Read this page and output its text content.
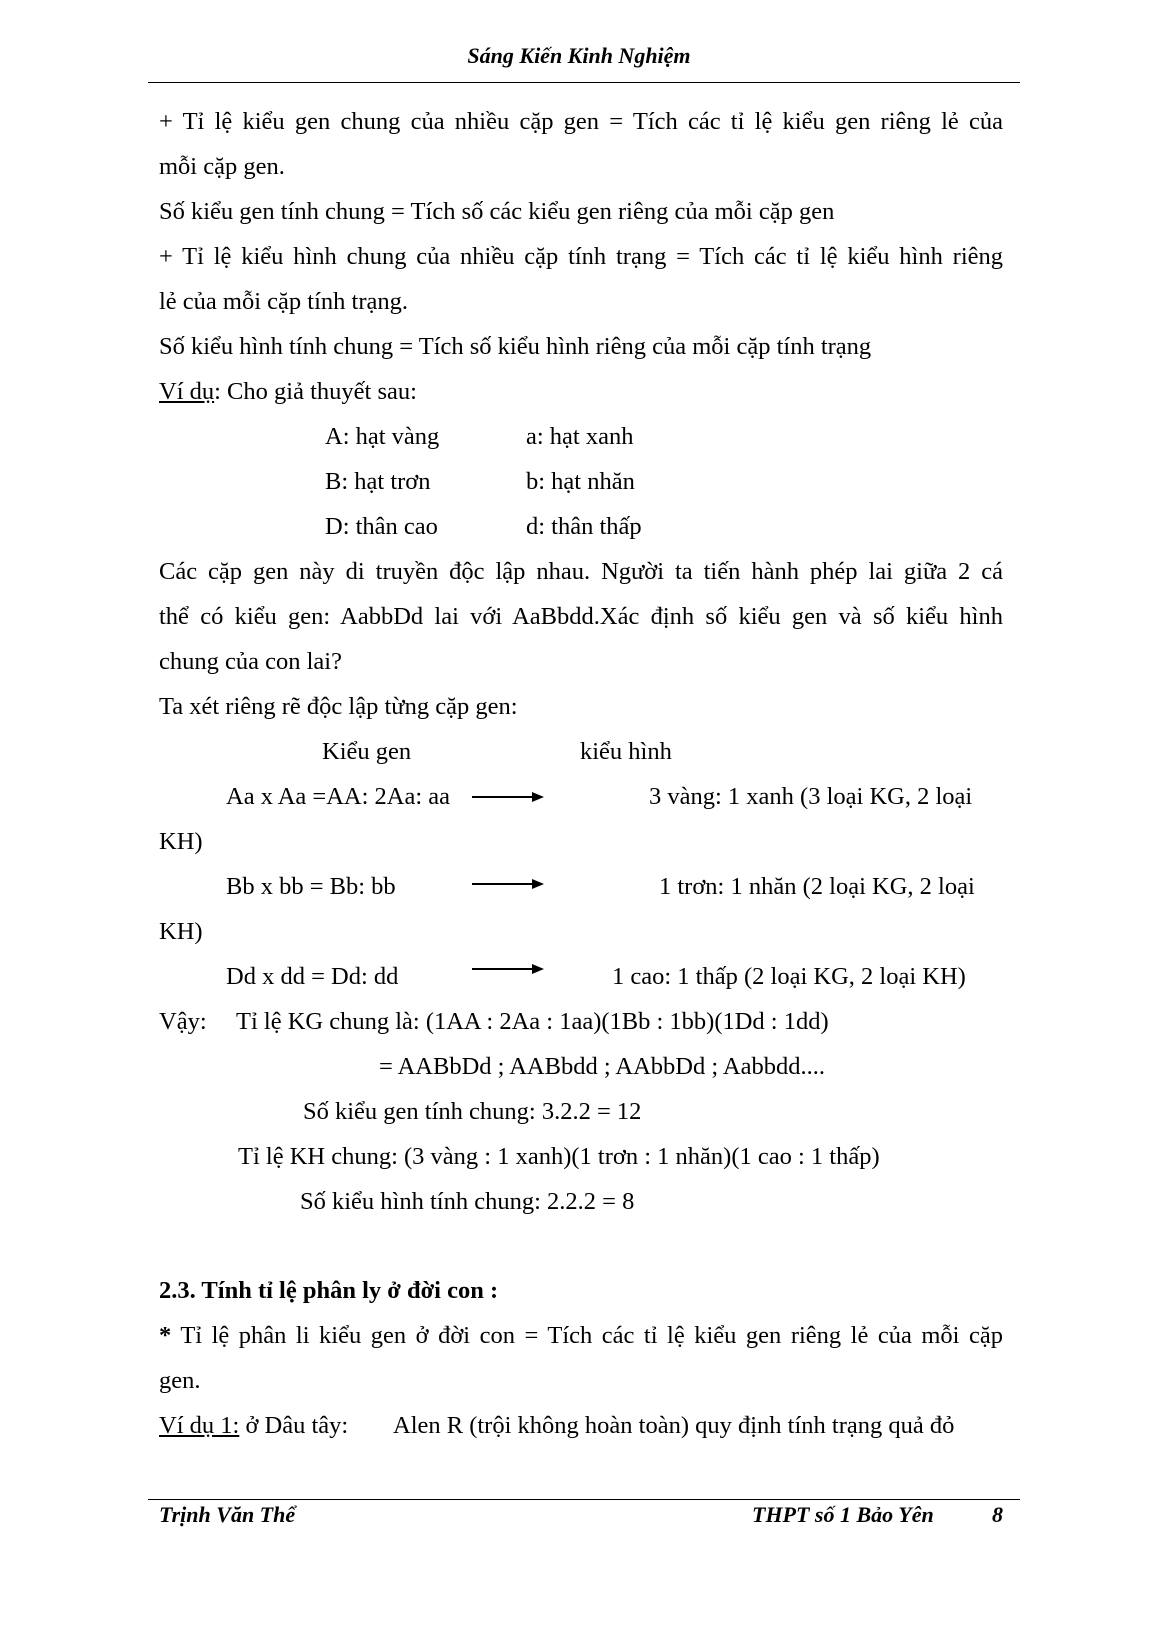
Sáng Kiến Kinh Nghiệm
+ Tỉ lệ kiểu gen chung của nhiều cặp gen = Tích các tỉ lệ kiểu gen riêng lẻ của
mỗi cặp gen.
Số kiểu gen tính chung = Tích số các kiểu gen riêng của mỗi cặp gen
+ Tỉ lệ kiểu hình chung của nhiều cặp tính trạng = Tích các tỉ lệ kiểu hình riêng
lẻ của mỗi cặp tính trạng.
Số kiểu hình tính chung = Tích số kiểu hình riêng của mỗi cặp tính trạng
Ví dụ: Cho giả thuyết sau:
A: hạt vàng	a: hạt xanh
B: hạt trơn	b: hạt nhăn
D: thân cao	d: thân thấp
Các cặp gen này di truyền độc lập nhau. Người ta tiến hành phép lai giữa 2 cá
thể có kiểu gen: AabbDd lai với AaBbdd.Xác định số kiểu gen và số kiểu hình
chung của con lai?
Ta xét riêng rẽ độc lập từng cặp gen:
Kiểu gen	kiểu hình
Aa x Aa =AA: 2Aa: aa	3 vàng: 1 xanh (3 loại KG, 2 loại
KH)
Bb x bb = Bb: bb	1 trơn: 1 nhăn (2 loại KG, 2 loại
KH)
Dd x dd = Dd: dd	1 cao: 1 thấp (2 loại KG, 2 loại KH)
Vậy: Tỉ lệ KG chung là: (1AA : 2Aa : 1aa)(1Bb : 1bb)(1Dd : 1dd)
= AABbDd ; AABbdd ; AAbbDd ; Aabbdd....
Số kiểu gen tính chung: 3.2.2 = 12
Tỉ lệ KH chung: (3 vàng : 1 xanh)(1 trơn : 1 nhăn)(1 cao : 1 thấp)
Số kiểu hình tính chung: 2.2.2 = 8
2.3. Tính tỉ lệ phân ly ở đời con :
* Tỉ lệ phân li kiểu gen ở đời con = Tích các tỉ lệ kiểu gen riêng lẻ của mỗi cặp
gen.
Ví dụ 1: ở Dâu tây: Alen R (trội không hoàn toàn) quy định tính trạng quả đỏ
Trịnh Văn Thể	THPT số 1 Bảo Yên	8
